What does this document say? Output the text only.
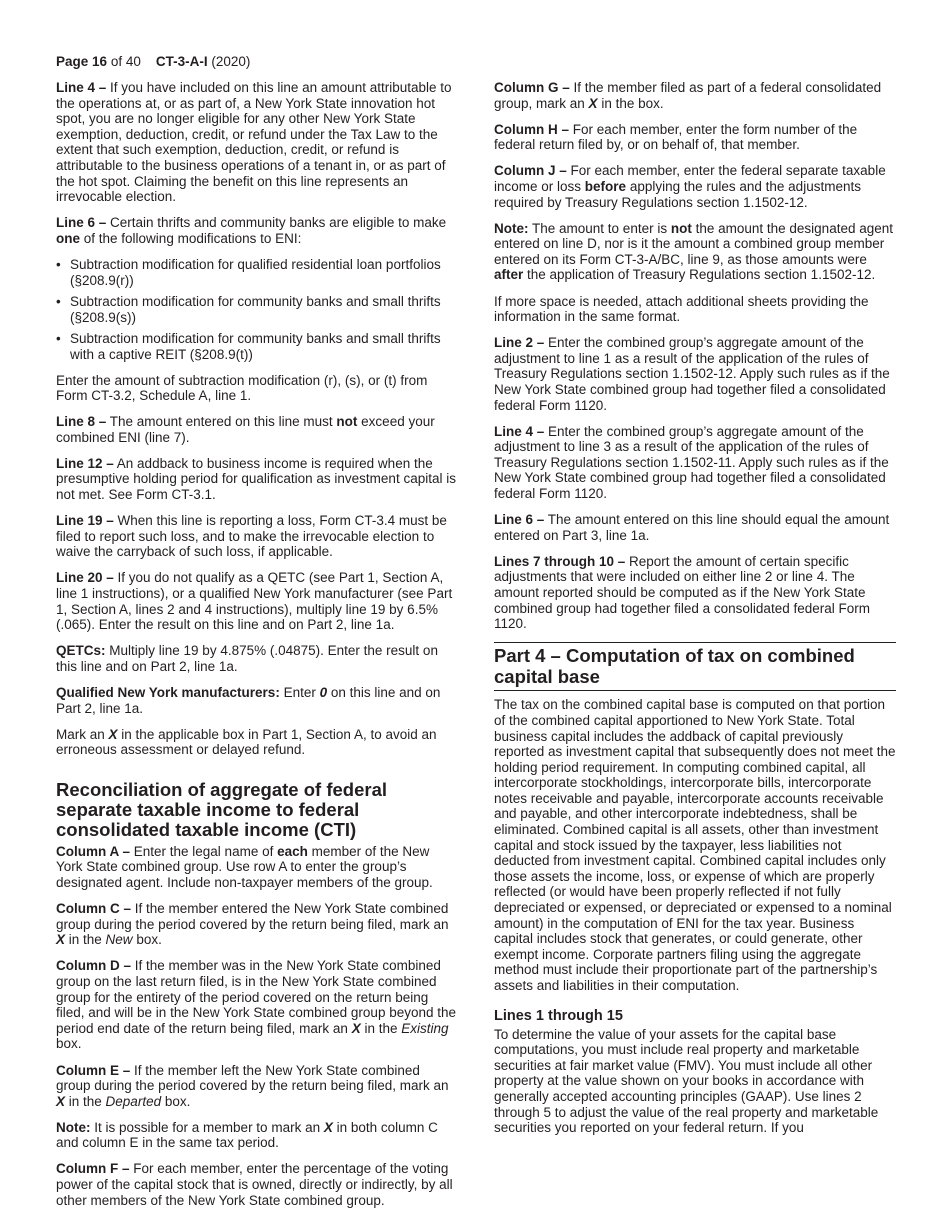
Page 16 of 40 CT-3-A-I (2020)

Line 4 – If you have included on this line an amount attributable to the operations at, or as part of, a New York State innovation hot spot, you are no longer eligible for any other New York State exemption, deduction, credit, or refund under the Tax Law to the extent that such exemption, deduction, credit, or refund is attributable to the business operations of a tenant in, or as part of the hot spot. Claiming the benefit on this line represents an irrevocable election.

Line 6 – Certain thrifts and community banks are eligible to make one of the following modifications to ENI:

• Subtraction modification for qualified residential loan portfolios (§208.9(r))
• Subtraction modification for community banks and small thrifts (§208.9(s))
• Subtraction modification for community banks and small thrifts with a captive REIT (§208.9(t))

Enter the amount of subtraction modification (r), (s), or (t) from Form CT-3.2, Schedule A, line 1.

Line 8 – The amount entered on this line must not exceed your combined ENI (line 7).

Line 12 – An addback to business income is required when the presumptive holding period for qualification as investment capital is not met. See Form CT-3.1.

Line 19 – When this line is reporting a loss, Form CT-3.4 must be filed to report such loss, and to make the irrevocable election to waive the carryback of such loss, if applicable.

Line 20 – If you do not qualify as a QETC (see Part 1, Section A, line 1 instructions), or a qualified New York manufacturer (see Part 1, Section A, lines 2 and 4 instructions), multiply line 19 by 6.5% (.065). Enter the result on this line and on Part 2, line 1a.

QETCs: Multiply line 19 by 4.875% (.04875). Enter the result on this line and on Part 2, line 1a.

Qualified New York manufacturers: Enter 0 on this line and on Part 2, line 1a.

Mark an X in the applicable box in Part 1, Section A, to avoid an erroneous assessment or delayed refund.

Reconciliation of aggregate of federal separate taxable income to federal consolidated taxable income (CTI)

Column A – Enter the legal name of each member of the New York State combined group. Use row A to enter the group’s designated agent. Include non-taxpayer members of the group.

Column C – If the member entered the New York State combined group during the period covered by the return being filed, mark an X in the New box.

Column D – If the member was in the New York State combined group on the last return filed, is in the New York State combined group for the entirety of the period covered on the return being filed, and will be in the New York State combined group beyond the period end date of the return being filed, mark an X in the Existing box.

Column E – If the member left the New York State combined group during the period covered by the return being filed, mark an X in the Departed box.

Note: It is possible for a member to mark an X in both column C and column E in the same tax period.

Column F – For each member, enter the percentage of the voting power of the capital stock that is owned, directly or indirectly, by all other members of the New York State combined group.

Column G – If the member filed as part of a federal consolidated group, mark an X in the box.

Column H – For each member, enter the form number of the federal return filed by, or on behalf of, that member.

Column J – For each member, enter the federal separate taxable income or loss before applying the rules and the adjustments required by Treasury Regulations section 1.1502-12.

Note: The amount to enter is not the amount the designated agent entered on line D, nor is it the amount a combined group member entered on its Form CT-3-A/BC, line 9, as those amounts were after the application of Treasury Regulations section 1.1502-12.

If more space is needed, attach additional sheets providing the information in the same format.

Line 2 – Enter the combined group’s aggregate amount of the adjustment to line 1 as a result of the application of the rules of Treasury Regulations section 1.1502-12. Apply such rules as if the New York State combined group had together filed a consolidated federal Form 1120.

Line 4 – Enter the combined group’s aggregate amount of the adjustment to line 3 as a result of the application of the rules of Treasury Regulations section 1.1502-11. Apply such rules as if the New York State combined group had together filed a consolidated federal Form 1120.

Line 6 – The amount entered on this line should equal the amount entered on Part 3, line 1a.

Lines 7 through 10 – Report the amount of certain specific adjustments that were included on either line 2 or line 4. The amount reported should be computed as if the New York State combined group had together filed a consolidated federal Form 1120.

Part 4 – Computation of tax on combined capital base

The tax on the combined capital base is computed on that portion of the combined capital apportioned to New York State. Total business capital includes the addback of capital previously reported as investment capital that subsequently does not meet the holding period requirement. In computing combined capital, all intercorporate stockholdings, intercorporate bills, intercorporate notes receivable and payable, intercorporate accounts receivable and payable, and other intercorporate indebtedness, shall be eliminated. Combined capital is all assets, other than investment capital and stock issued by the taxpayer, less liabilities not deducted from investment capital. Combined capital includes only those assets the income, loss, or expense of which are properly reflected (or would have been properly reflected if not fully depreciated or expensed, or depreciated or expensed to a nominal amount) in the computation of ENI for the tax year. Business capital includes stock that generates, or could generate, other exempt income. Corporate partners filing using the aggregate method must include their proportionate part of the partnership’s assets and liabilities in their computation.

Lines 1 through 15

To determine the value of your assets for the capital base computations, you must include real property and marketable securities at fair market value (FMV). You must include all other property at the value shown on your books in accordance with generally accepted accounting principles (GAAP). Use lines 2 through 5 to adjust the value of the real property and marketable securities you reported on your federal return. If you
